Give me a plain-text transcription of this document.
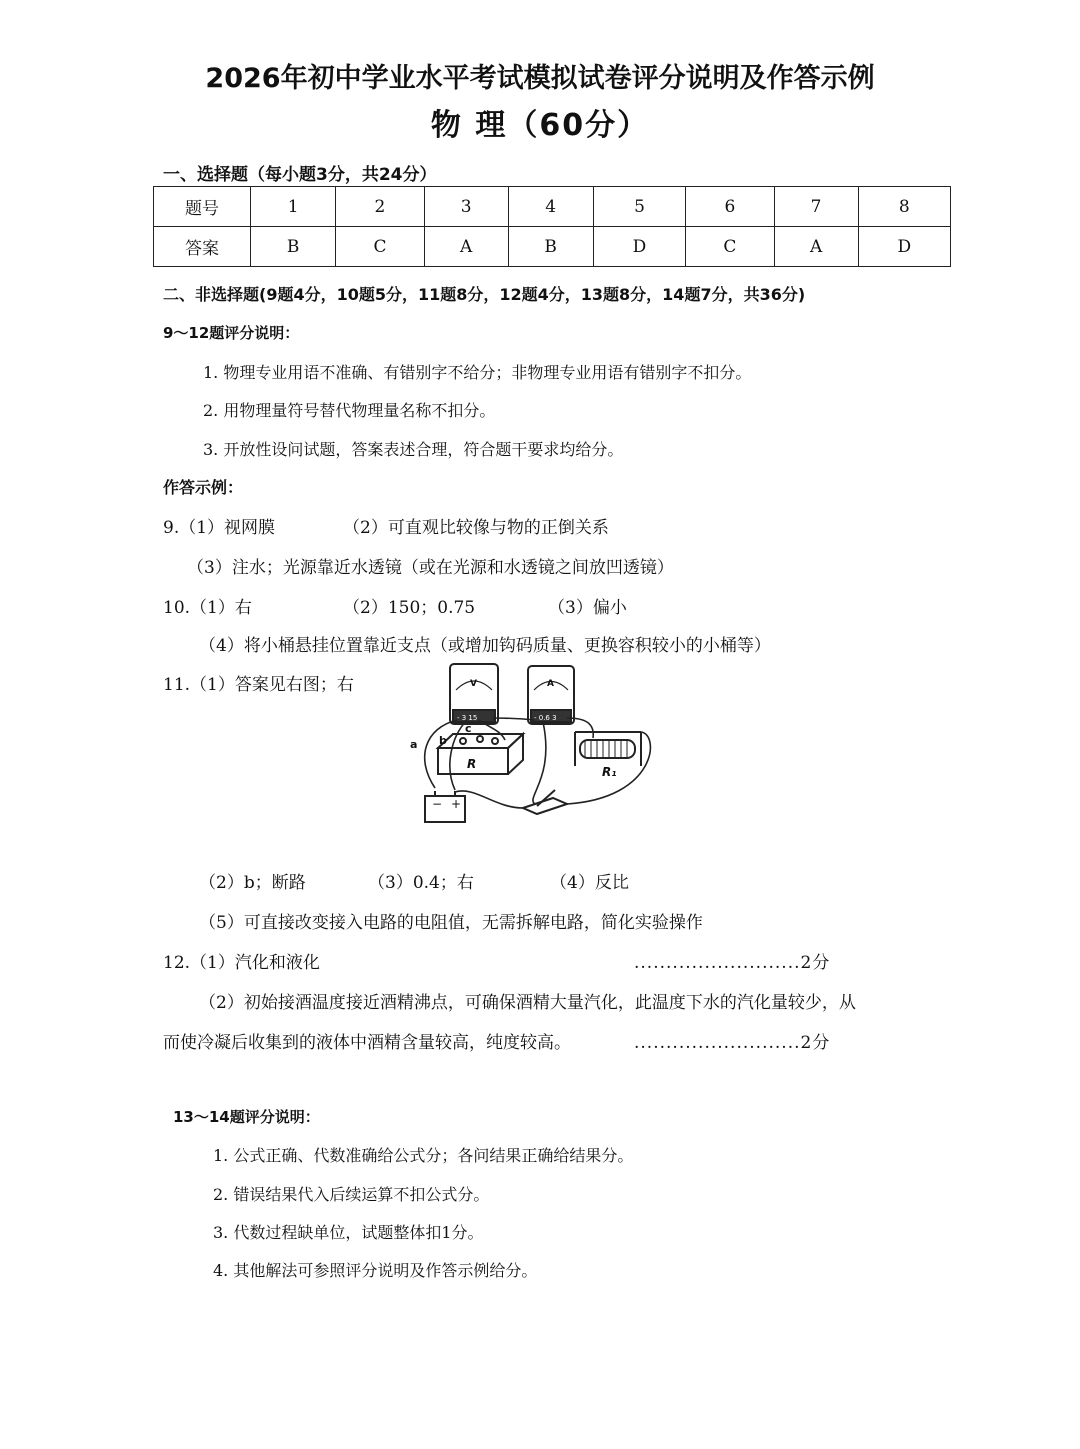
2026年初中学业水平考试模拟试卷评分说明及作答示例
物 理（60分）
一、选择题（每小题3分，共24分）
题号	1	2	3	4	5	6	7	8
答案	B	C	A	B	D	C	A	D
二、非选择题(9题4分，10题5分，11题8分，12题4分，13题8分，14题7分，共36分)
9～12题评分说明：
1. 物理专业用语不准确、有错别字不给分；非物理专业用语有错别字不扣分。
2. 用物理量符号替代物理量名称不扣分。
3. 开放性设问试题，答案表述合理，符合题干要求均给分。
作答示例：
9.（1）视网膜	（2）可直观比较像与物的正倒关系
（3）注水；光源靠近水透镜（或在光源和水透镜之间放凹透镜）
10.（1）右	（2）150；0.75	（3）偏小
（4）将小桶悬挂位置靠近支点（或增加钩码质量、更换容积较小的小桶等）
11.（1）答案见右图；右	V	A
- 3 15	- 0.6 3
a b
c
R
R₁
− +
（2）b；断路	（3）0.4；右	（4）反比
（5）可直接改变接入电路的电阻值，无需拆解电路，简化实验操作
12.（1）汽化和液化	..........................2分
（2）初始接酒温度接近酒精沸点，可确保酒精大量汽化，此温度下水的汽化量较少，从
而使冷凝后收集到的液体中酒精含量较高，纯度较高。	..........................2分
13～14题评分说明：
1. 公式正确、代数准确给公式分；各问结果正确给结果分。
2. 错误结果代入后续运算不扣公式分。
3. 代数过程缺单位，试题整体扣1分。
4. 其他解法可参照评分说明及作答示例给分。
